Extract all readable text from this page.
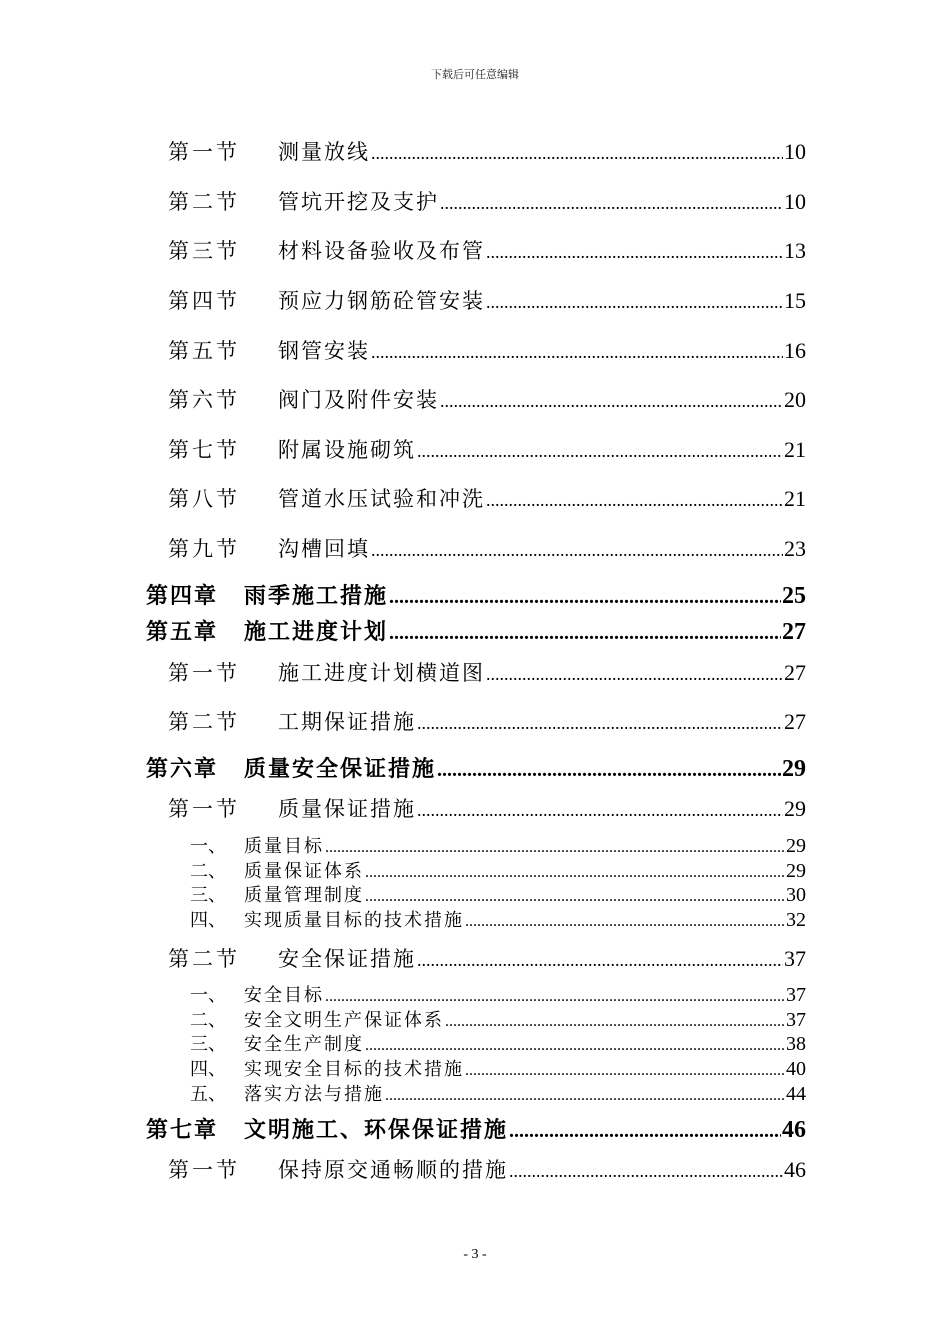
下载后可任意编辑
第一节	测量放线 .....	10
第二节	管坑开挖及支护 .....	10
第三节	材料设备验收及布管 .....	13
第四节	预应力钢筋砼管安装 .....	15
第五节	钢管安装 .....	16
第六节	阀门及附件安装 .....	20
第七节	附属设施砌筑 .....	21
第八节	管道水压试验和冲洗 .....	21
第九节	沟槽回填 .....	23
第四章	雨季施工措施 .....	25
第五章	施工进度计划 .....	27
第一节	施工进度计划横道图 .....	27
第二节	工期保证措施 .....	27
第六章	质量安全保证措施 .....	29
第一节	质量保证措施 .....	29
一、	质量目标 .....	29
二、	质量保证体系 .....	29
三、	质量管理制度 .....	30
四、	实现质量目标的技术措施 .....	32
第二节	安全保证措施 .....	37
一、	安全目标 .....	37
二、	安全文明生产保证体系 .....	37
三、	安全生产制度 .....	38
四、	实现安全目标的技术措施 .....	40
五、	落实方法与措施 .....	44
第七章	文明施工、环保保证措施 .....	46
第一节	保持原交通畅顺的措施 .....	46
- 3 -
